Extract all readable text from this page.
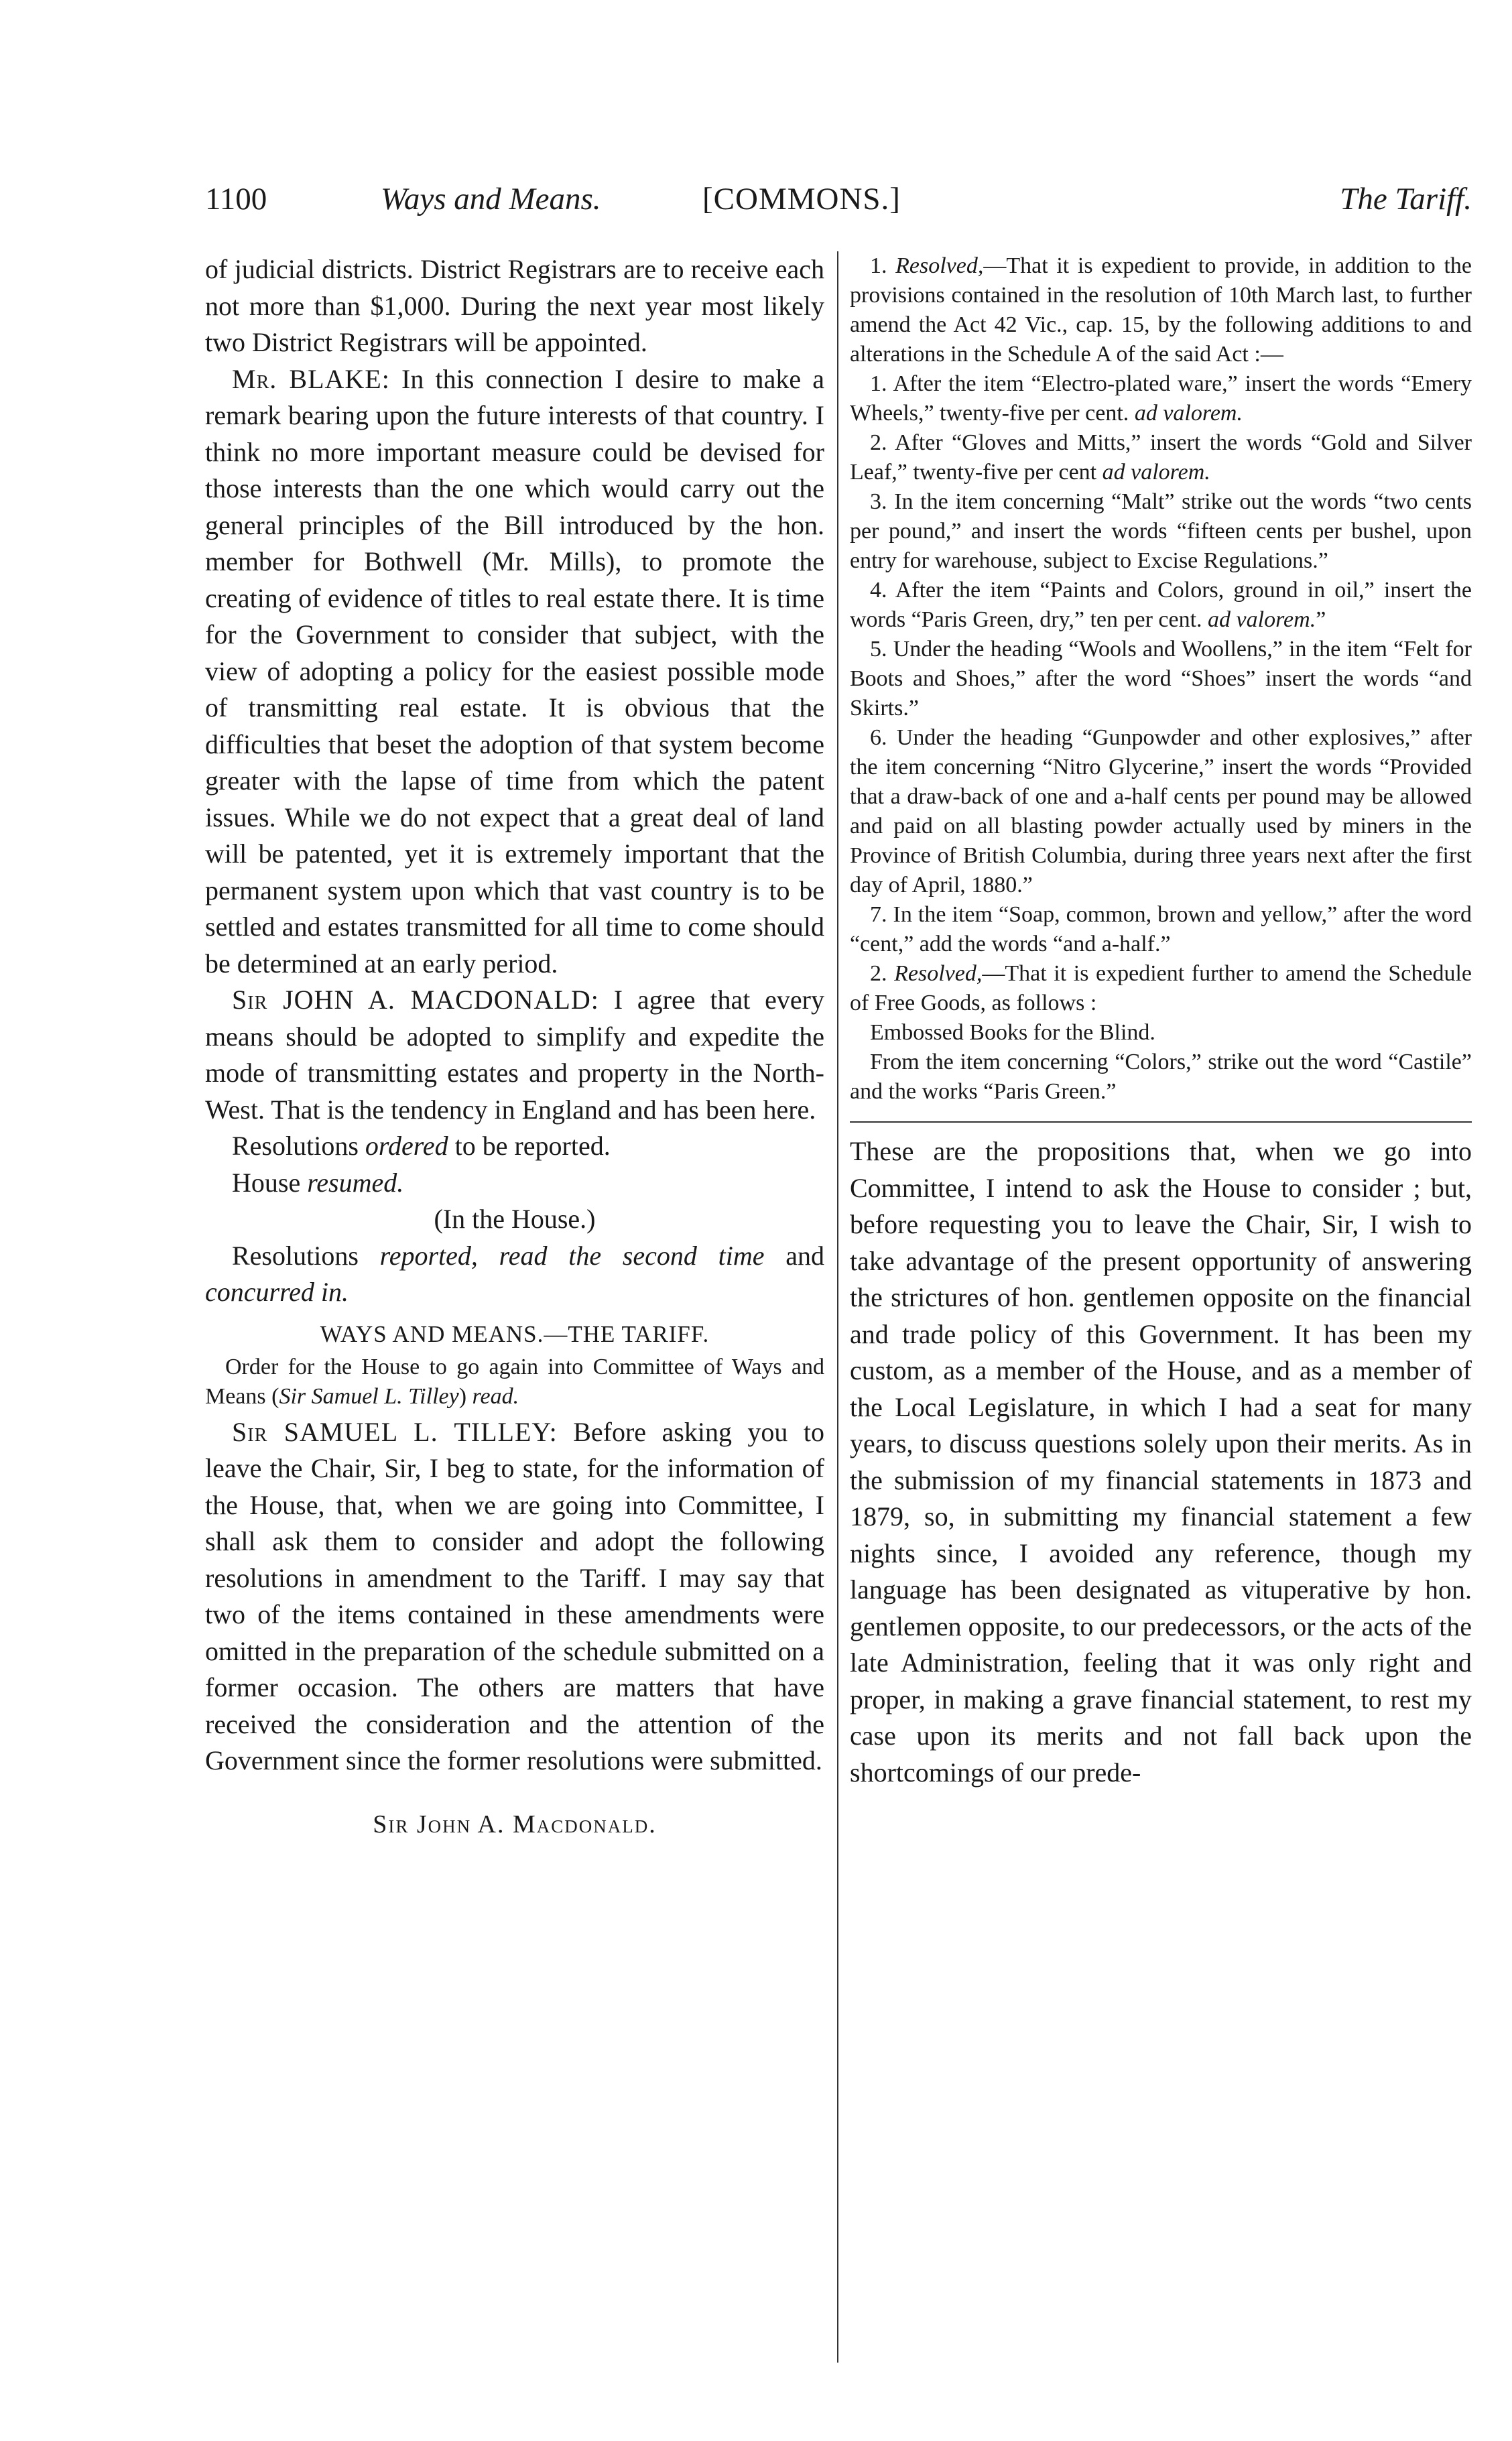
1100	Ways and Means.	[COMMONS.]	The Tariff.

of judicial districts. District Registrars are to receive each not more than $1,000. During the next year most likely two District Registrars will be appointed.

Mr. BLAKE: In this connection I desire to make a remark bearing upon the future interests of that country. I think no more important measure could be devised for those interests than the one which would carry out the general principles of the Bill introduced by the hon. member for Bothwell (Mr. Mills), to promote the creating of evidence of titles to real estate there. It is time for the Government to consider that subject, with the view of adopting a policy for the easiest possible mode of transmitting real estate. It is obvious that the difficulties that beset the adoption of that system become greater with the lapse of time from which the patent issues. While we do not expect that a great deal of land will be patented, yet it is extremely important that the permanent system upon which that vast country is to be settled and estates transmitted for all time to come should be determined at an early period.

Sir JOHN A. MACDONALD: I agree that every means should be adopted to simplify and expedite the mode of transmitting estates and property in the North-West. That is the tendency in England and has been here.

Resolutions ordered to be reported.

House resumed.

(In the House.)

Resolutions reported, read the second time and concurred in.

WAYS AND MEANS.—THE TARIFF.

Order for the House to go again into Committee of Ways and Means (Sir Samuel L. Tilley) read.

Sir SAMUEL L. TILLEY: Before asking you to leave the Chair, Sir, I beg to state, for the information of the House, that, when we are going into Committee, I shall ask them to consider and adopt the following resolutions in amendment to the Tariff. I may say that two of the items contained in these amendments were omitted in the preparation of the schedule submitted on a former occasion. The others are matters that have received the consideration and the attention of the Government since the former resolutions were submitted.

Sir John A. Macdonald.

1. Resolved,—That it is expedient to provide, in addition to the provisions contained in the resolution of 10th March last, to further amend the Act 42 Vic., cap. 15, by the following additions to and alterations in the Schedule A of the said Act :—

1. After the item “Electro-plated ware,” insert the words “Emery Wheels,” twenty-five per cent. ad valorem.

2. After “Gloves and Mitts,” insert the words “Gold and Silver Leaf,” twenty-five per cent ad valorem.

3. In the item concerning “Malt” strike out the words “two cents per pound,” and insert the words “fifteen cents per bushel, upon entry for warehouse, subject to Excise Regulations.”

4. After the item “Paints and Colors, ground in oil,” insert the words “Paris Green, dry,” ten per cent. ad valorem.”

5. Under the heading “Wools and Woollens,” in the item “Felt for Boots and Shoes,” after the word “Shoes” insert the words “and Skirts.”

6. Under the heading “Gunpowder and other explosives,” after the item concerning “Nitro Glycerine,” insert the words “Provided that a draw-back of one and a-half cents per pound may be allowed and paid on all blasting powder actually used by miners in the Province of British Columbia, during three years next after the first day of April, 1880.”

7. In the item “Soap, common, brown and yellow,” after the word “cent,” add the words “and a-half.”

2. Resolved,—That it is expedient further to amend the Schedule of Free Goods, as follows :

Embossed Books for the Blind.

From the item concerning “Colors,” strike out the word “Castile” and the works “Paris Green.”

These are the propositions that, when we go into Committee, I intend to ask the House to consider ; but, before requesting you to leave the Chair, Sir, I wish to take advantage of the present opportunity of answering the strictures of hon. gentlemen opposite on the financial and trade policy of this Government. It has been my custom, as a member of the House, and as a member of the Local Legislature, in which I had a seat for many years, to discuss questions solely upon their merits. As in the submission of my financial statements in 1873 and 1879, so, in submitting my financial statement a few nights since, I avoided any reference, though my language has been designated as vituperative by hon. gentlemen opposite, to our predecessors, or the acts of the late Administration, feeling that it was only right and proper, in making a grave financial statement, to rest my case upon its merits and not fall back upon the shortcomings of our prede-
